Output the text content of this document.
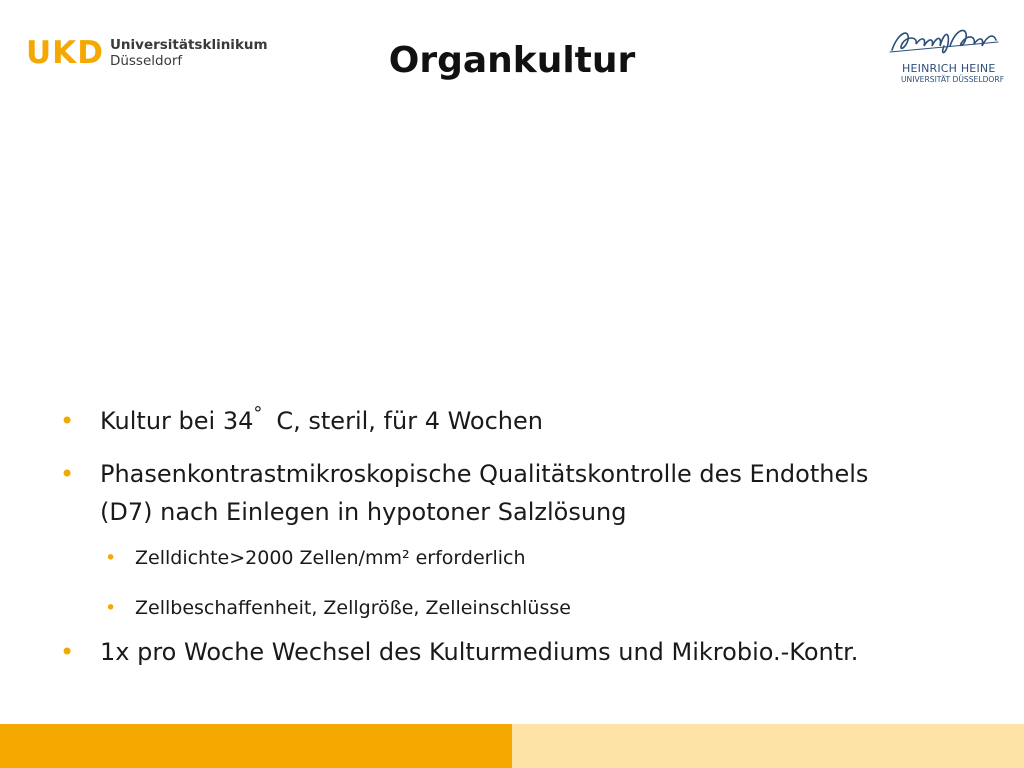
UKD Universitätsklinikum
Düsseldorf	Organkultur	HEINRICH HEINE
UNIVERSITÄT DÜSSELDORF
• Kultur bei 34° C, steril, für 4 Wochen
• Phasenkontrastmikroskopische Qualitätskontrolle des Endothels
(D7) nach Einlegen in hypotoner Salzlösung
• Zelldichte>2000 Zellen/mm² erforderlich
• Zellbeschaffenheit, Zellgröße, Zelleinschlüsse
• 1x pro Woche Wechsel des Kulturmediums und Mikrobio.-Kontr.
